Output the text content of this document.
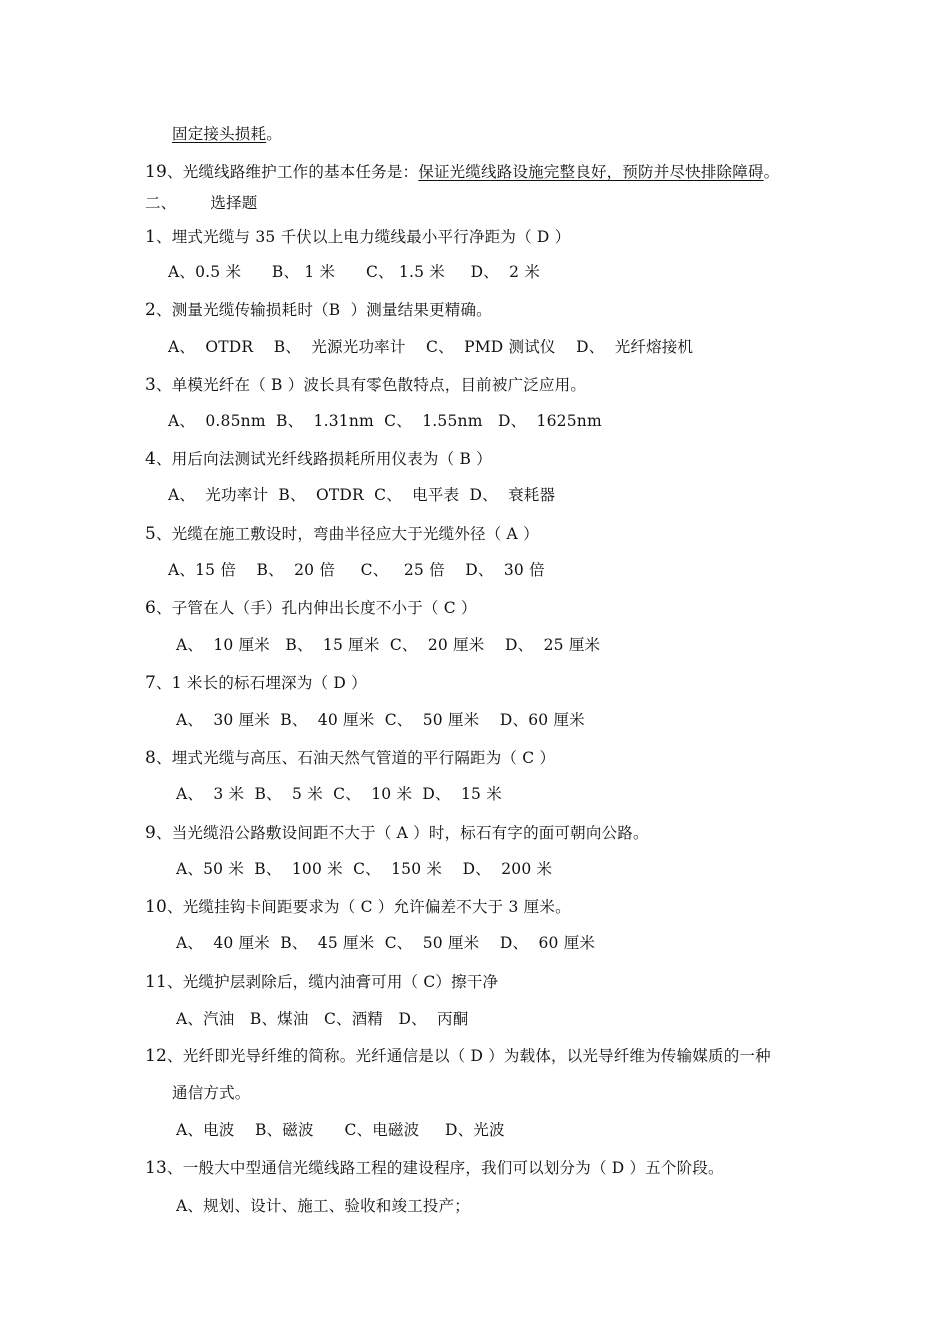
固定接头损耗。
19、光缆线路维护工作的基本任务是：保证光缆线路设施完整良好，预防并尽快排除障碍。
二、 选择题
1、埋式光缆与 35 千伏以上电力缆线最小平行净距为（ D ）
A、0.5 米      B、 1 米      C、 1.5 米     D、  2 米
2、测量光缆传输损耗时（B  ）测量结果更精确。
A、  OTDR    B、  光源光功率计    C、  PMD 测试仪    D、  光纤熔接机
3、单模光纤在（ B ）波长具有零色散特点，目前被广泛应用。
A、  0.85nm  B、  1.31nm  C、  1.55nm   D、  1625nm
4、用后向法测试光纤线路损耗所用仪表为（ B ）
A、  光功率计  B、  OTDR  C、  电平表  D、  衰耗器
5、光缆在施工敷设时，弯曲半径应大于光缆外径（ A ）
A、15 倍    B、  20 倍     C、   25 倍    D、  30 倍
6、子管在人（手）孔内伸出长度不小于（ C ）
A、  10 厘米   B、  15 厘米  C、  20 厘米    D、  25 厘米
7、1 米长的标石埋深为（ D ）
A、  30 厘米  B、  40 厘米  C、  50 厘米    D、60 厘米
8、埋式光缆与高压、石油天然气管道的平行隔距为（ C ）
A、  3 米  B、  5 米  C、  10 米  D、  15 米
9、当光缆沿公路敷设间距不大于（ A ）时，标石有字的面可朝向公路。
A、50 米  B、  100 米  C、  150 米    D、  200 米
10、光缆挂钩卡间距要求为（ C ）允许偏差不大于 3 厘米。
A、  40 厘米  B、  45 厘米  C、  50 厘米    D、  60 厘米
11、光缆护层剥除后，缆内油膏可用（ C）擦干净
A、汽油   B、煤油   C、酒精   D、  丙酮
12、光纤即光导纤维的简称。光纤通信是以（ D ）为载体，以光导纤维为传输媒质的一种
通信方式。
A、电波    B、磁波      C、电磁波     D、光波
13、一般大中型通信光缆线路工程的建设程序，我们可以划分为（ D ）五个阶段。
A、规划、设计、施工、验收和竣工投产；
